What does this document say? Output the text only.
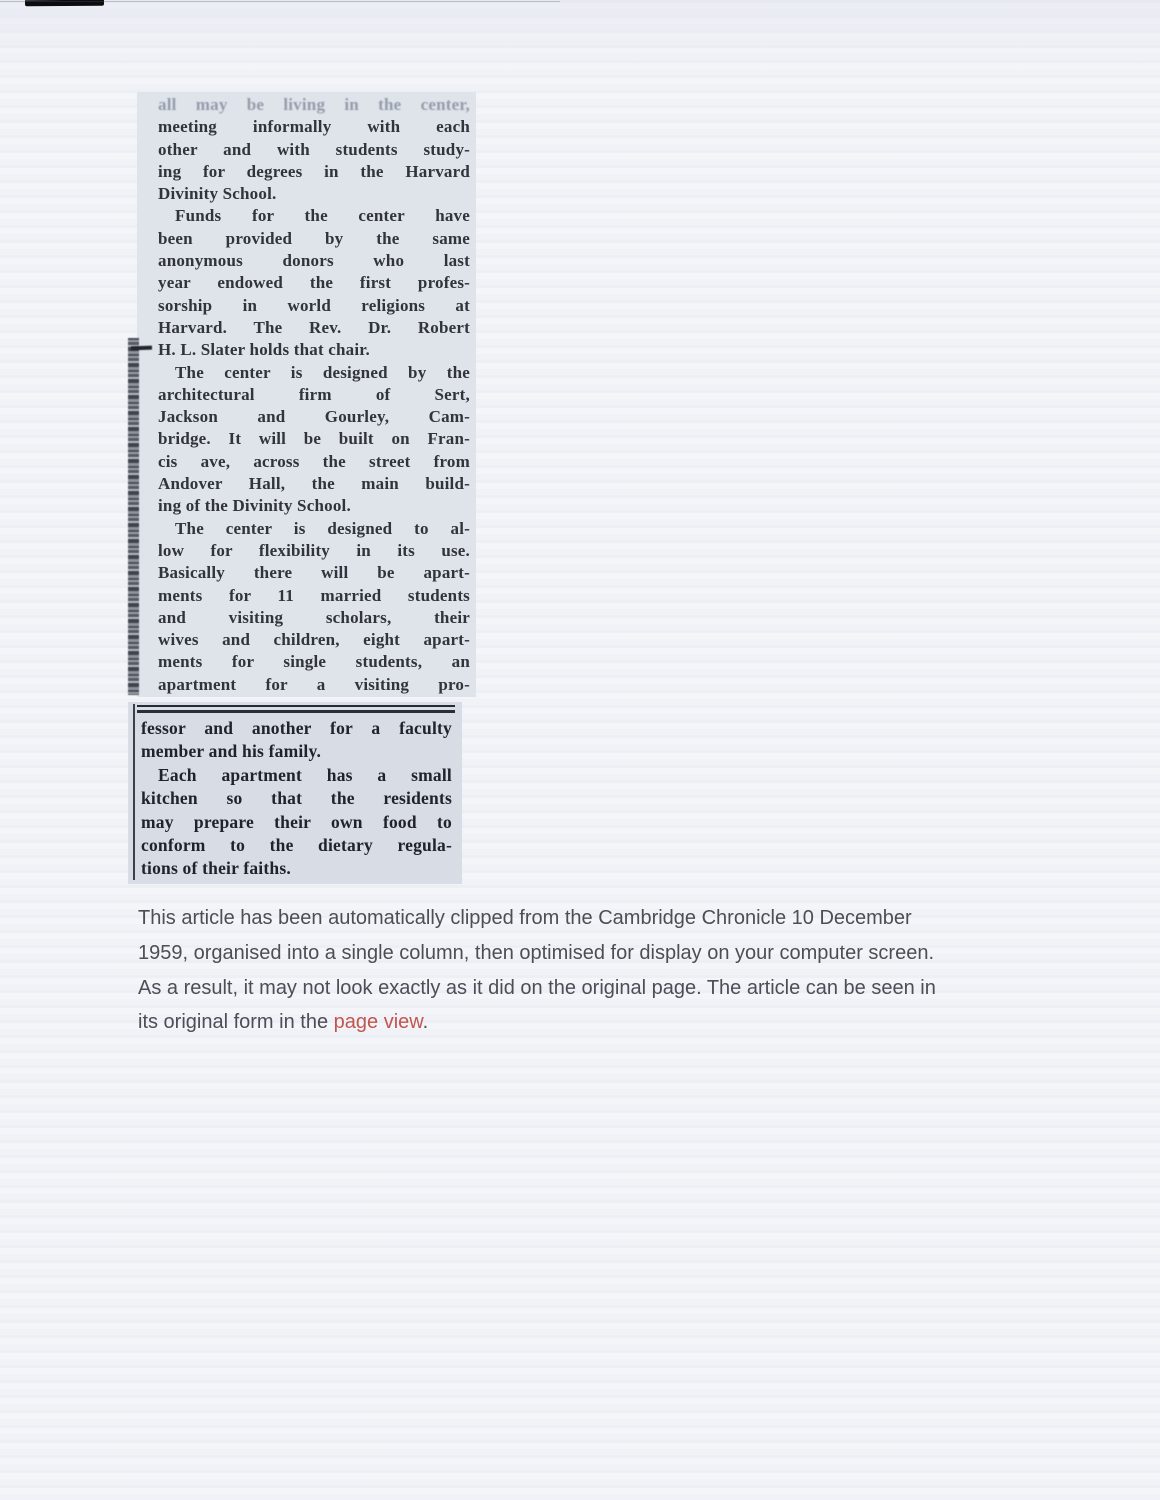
all may be living in the center,
meeting informally with each
other and with students study-
ing for degrees in the Harvard
Divinity School.
Funds for the center have
been provided by the same
anonymous donors who last
year endowed the first profes-
sorship in world religions at
Harvard. The Rev. Dr. Robert
H. L. Slater holds that chair.
The center is designed by the
architectural firm of Sert,
Jackson and Gourley, Cam-
bridge. It will be built on Fran-
cis ave, across the street from
Andover Hall, the main build-
ing of the Divinity School.
The center is designed to al-
low for flexibility in its use.
Basically there will be apart-
ments for 11 married students
and visiting scholars, their
wives and children, eight apart-
ments for single students, an
apartment for a visiting pro-
fessor and another for a faculty
member and his family.
Each apartment has a small
kitchen so that the residents
may prepare their own food to
conform to the dietary regula-
tions of their faiths.
This article has been automatically clipped from the Cambridge Chronicle 10 December
1959, organised into a single column, then optimised for display on your computer screen.
As a result, it may not look exactly as it did on the original page. The article can be seen in
its original form in the page view.
